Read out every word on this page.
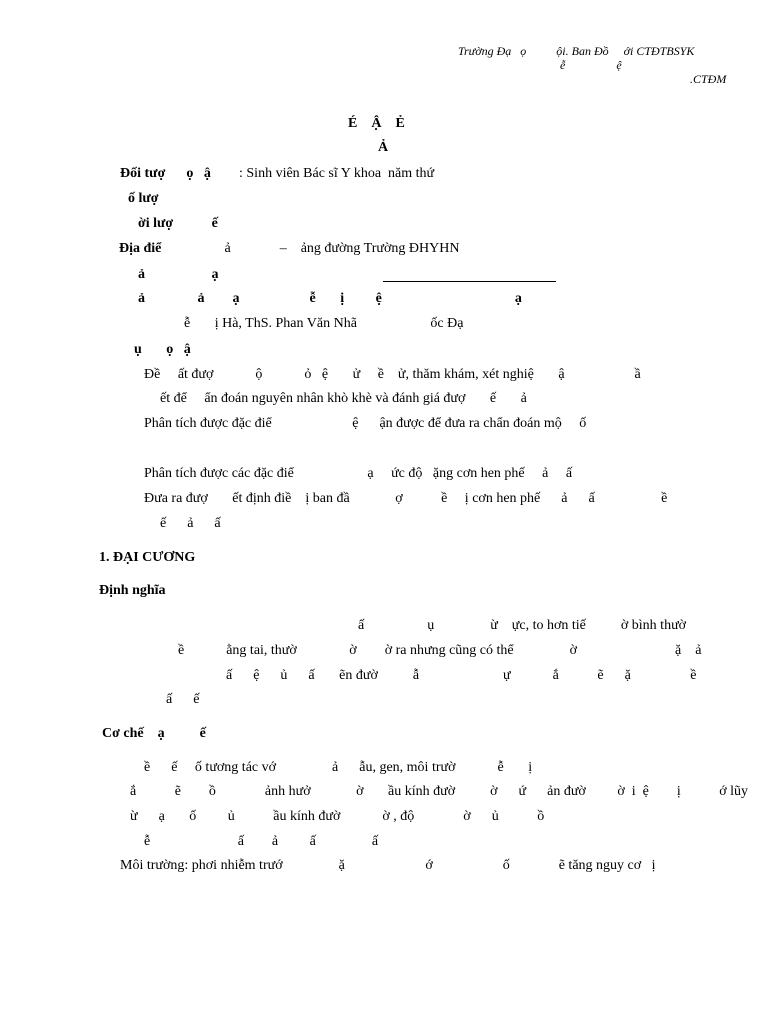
Trường Đạ   ọ          ội. Ban Đồ     ới CTĐTBSYK
ễ                 ệ
.CTĐM
É    Ậ    Ẻ
Ả
Đối tượ      ọ   ậ : Sinh viên Bác sĩ Y khoa  năm thứ
ố lượ
ời lượ           ế
Địa điể ả              –    ảng đường Trường ĐHYHN
ả                   ạ
ả               ả        ạ                    ễ       ị         ệ                                      ạ
ễ       ị Hà, ThS. Phan Văn Nhã                     ốc Đạ
ụ       ọ   ậ
Đề     ất đượ            ộ            ỏ   ệ       ử     ề    ử, thăm khám, xét nghiệ       ậ                    ầ
ết để     ẩn đoán nguyên nhân khò khè và đánh giá đượ       ế       ả
Phân tích được đặc điể                       ệ      ận được để đưa ra chẩn đoán mộ     ố
Phân tích được các đặc điể                     ạ     ức độ   ặng cơn hen phế     ả     ấ
Đưa ra đượ       ết định điề    ị ban đầ             ợ           ề     ị cơn hen phế      ả      ấ                   ề
ế      ả      ấ
1. ĐẠI CƯƠNG
Định nghĩa
ấ                  ụ                ừ    ực, to hơn tiế          ờ bình thườ
ề            ằng tai, thườ               ờ        ờ ra nhưng cũng có thể                ờ                            ặ    ả
ấ      ệ      ủ      ấ       ẽn đườ          ẫ                        ự            ắ           ẽ      ặ                 ề
ấ      ế
Cơ chế    ạ          ế
ề      ế     ố tương tác vớ                ả      ẫu, gen, môi trườ            ễ       ị
ắ           ẽ        ồ              ảnh hưở             ờ       ầu kính đườ          ờ      ứ      ản đườ         ờ  i  ệ        ị           ớ lũy
ừ      ạ       ố         ủ           ầu kính đườ            ờ , độ              ờ      ủ           ồ
ễ                         ấ        ả         ấ                ấ
Môi trường: phơi nhiễm trướ                ặ                       ớ                    ố              ẽ tăng nguy cơ   ị
